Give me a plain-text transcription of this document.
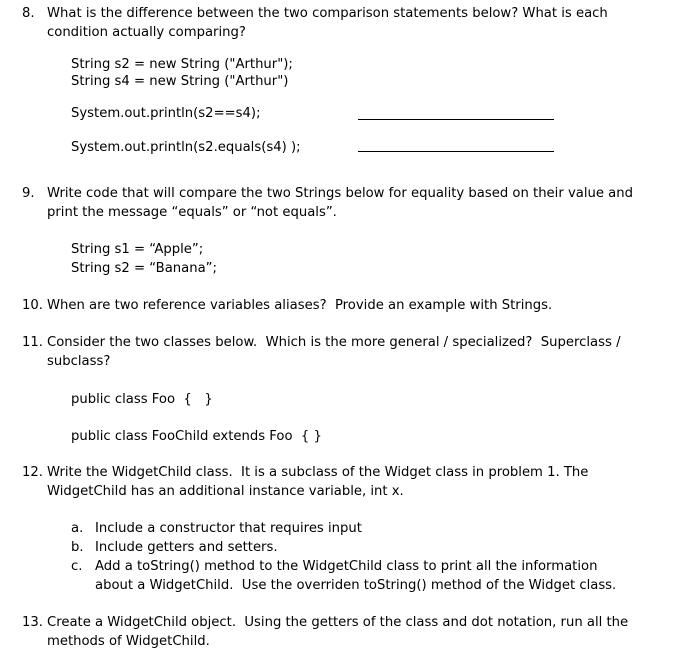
8. What is the difference between the two comparison statements below? What is each condition actually comparing?
String s2 = new String ("Arthur");
String s4 = new String ("Arthur")
System.out.println(s2==s4);
System.out.println(s2.equals(s4) );
9. Write code that will compare the two Strings below for equality based on their value and print the message “equals” or “not equals”.
String s1 = “Apple”;
String s2 = “Banana”;
10. When are two reference variables aliases?  Provide an example with Strings.
11. Consider the two classes below.  Which is the more general / specialized?  Superclass / subclass?
public class Foo  {   }
public class FooChild extends Foo  { }
12. Write the WidgetChild class.  It is a subclass of the Widget class in problem 1. The WidgetChild has an additional instance variable, int x.
a. Include a constructor that requires input
b. Include getters and setters.
c. Add a toString() method to the WidgetChild class to print all the information about a WidgetChild.  Use the overriden toString() method of the Widget class.
13. Create a WidgetChild object.  Using the getters of the class and dot notation, run all the methods of WidgetChild.
